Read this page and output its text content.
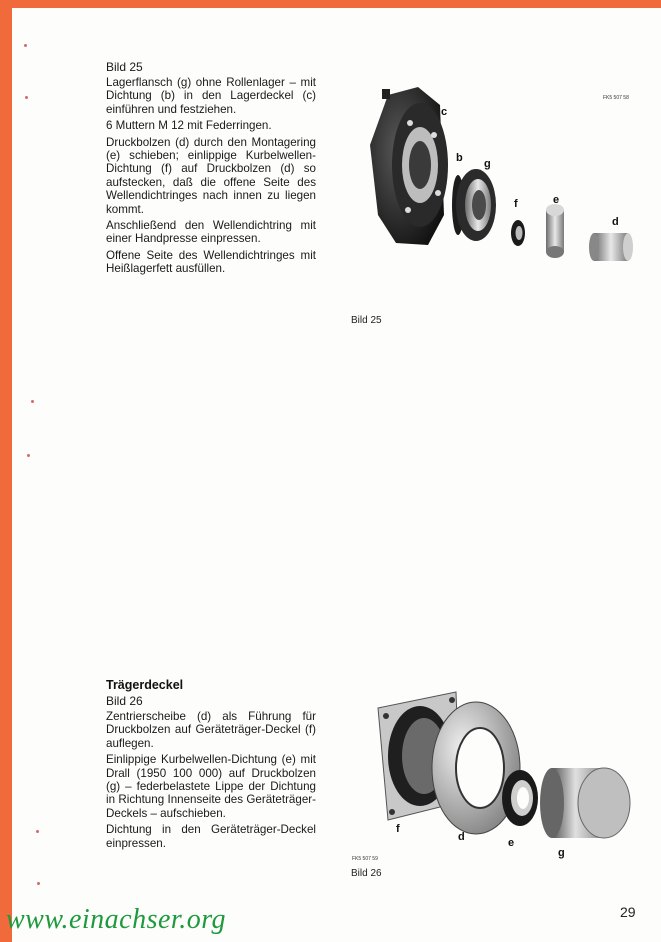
Bild 25

Lagerflansch (g) ohne Rollenlager – mit Dichtung (b) in den Lagerdeckel (c) einführen und festziehen.

6 Muttern M 12 mit Federringen.

Druckbolzen (d) durch den Montagering (e) schieben; einlippige Kurbelwellen-Dichtung (f) auf Druckbolzen (d) so aufstecken, daß die offene Seite des Wellendichtringes nach innen zu liegen kommt.

Anschließend den Wellendichtring mit einer Handpresse einpressen.

Offene Seite des Wellendichtringes mit Heißlagerfett ausfüllen.

c
b g
f	e
d
FK5 507 58
Bild 25

Trägerdeckel

Bild 26

Zentrierscheibe (d) als Führung für Druckbolzen auf Geräteträger-Deckel (f) auflegen.

Einlippige Kurbelwellen-Dichtung (e) mit Drall (1950 100 000) auf Druckbolzen (g) – federbelastete Lippe der Dichtung in Richtung Innenseite des Geräteträger-Deckels – aufschieben.

Dichtung in den Geräteträger-Deckel einpressen.

f
d	e
g
FK5 507 59
Bild 26
29
www.einachser.org
